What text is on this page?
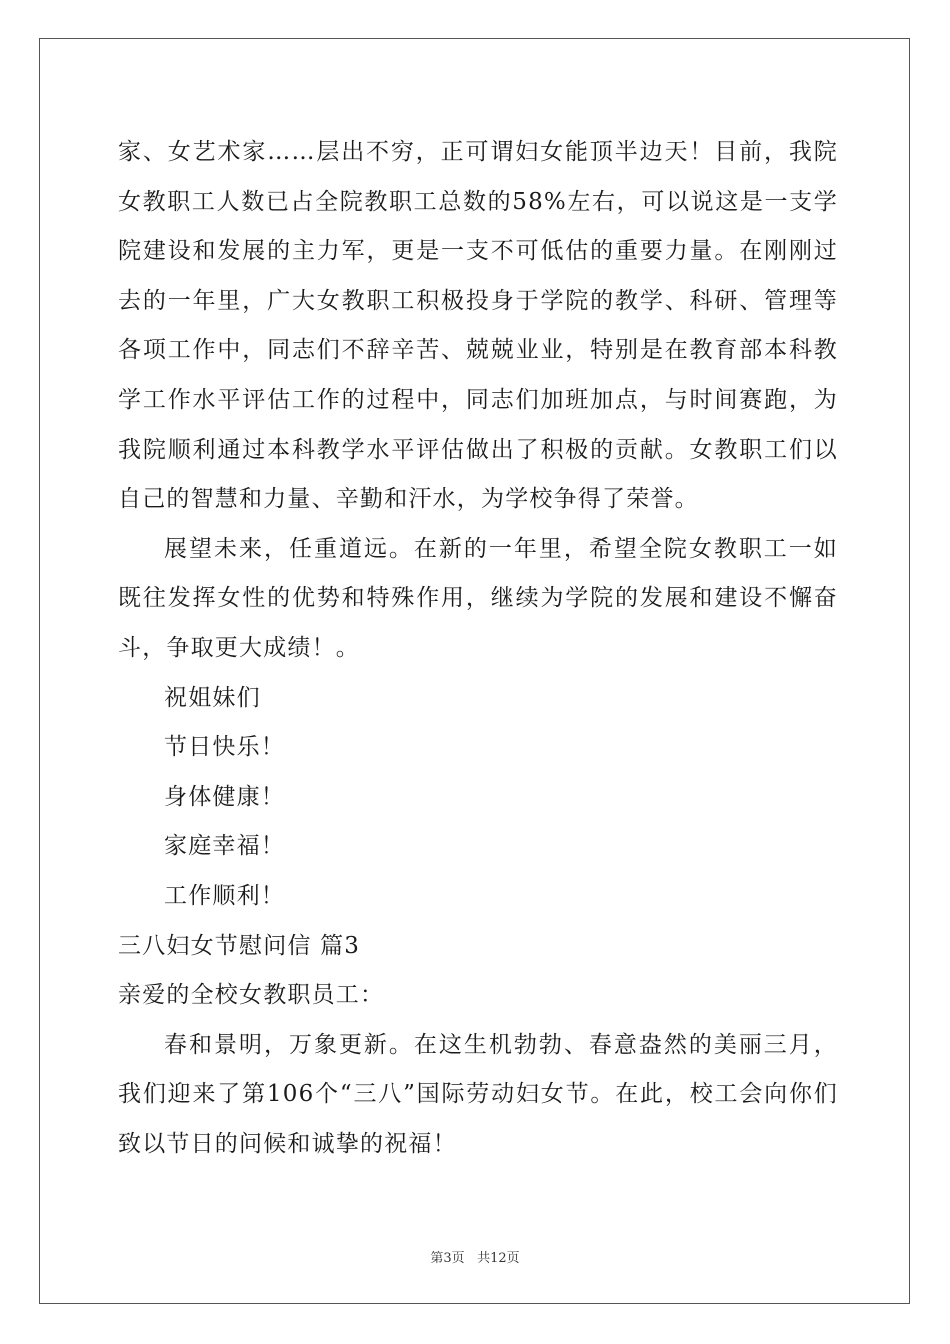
家、女艺术家……层出不穷，正可谓妇女能顶半边天！目前，我院女教职工人数已占全院教职工总数的58%左右，可以说这是一支学院建设和发展的主力军，更是一支不可低估的重要力量。在刚刚过去的一年里，广大女教职工积极投身于学院的教学、科研、管理等各项工作中，同志们不辞辛苦、兢兢业业，特别是在教育部本科教学工作水平评估工作的过程中，同志们加班加点，与时间赛跑，为我院顺利通过本科教学水平评估做出了积极的贡献。女教职工们以自己的智慧和力量、辛勤和汗水，为学校争得了荣誉。

展望未来，任重道远。在新的一年里，希望全院女教职工一如既往发挥女性的优势和特殊作用，继续为学院的发展和建设不懈奋斗，争取更大成绩！。

祝姐妹们

节日快乐！

身体健康！

家庭幸福！

工作顺利！

三八妇女节慰问信 篇3

亲爱的全校女教职员工：

春和景明，万象更新。在这生机勃勃、春意盎然的美丽三月，我们迎来了第106个“三八”国际劳动妇女节。在此，校工会向你们致以节日的问候和诚挚的祝福！

第3页 共12页
